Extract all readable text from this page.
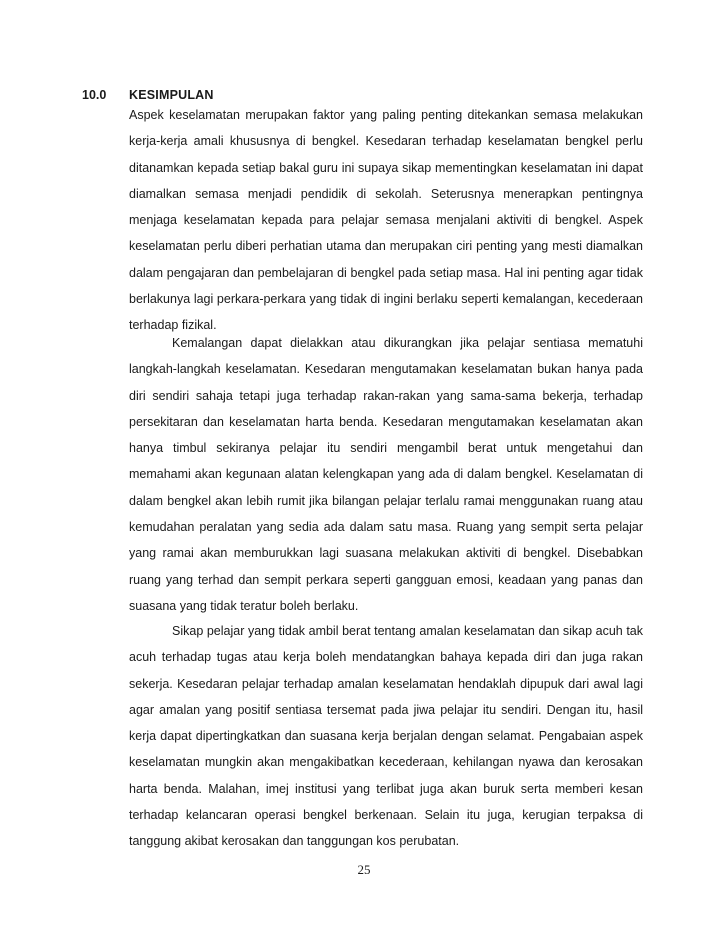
10.0 KESIMPULAN

Aspek keselamatan merupakan faktor yang paling penting ditekankan semasa melakukan kerja-kerja amali khususnya di bengkel. Kesedaran terhadap keselamatan bengkel perlu ditanamkan kepada setiap bakal guru ini supaya sikap mementingkan keselamatan ini dapat diamalkan semasa menjadi pendidik di sekolah. Seterusnya menerapkan pentingnya menjaga keselamatan kepada para pelajar semasa menjalani aktiviti di bengkel. Aspek keselamatan perlu diberi perhatian utama dan merupakan ciri penting yang mesti diamalkan dalam pengajaran dan pembelajaran di bengkel pada setiap masa. Hal ini penting agar tidak berlakunya lagi perkara-perkara yang tidak di ingini berlaku seperti kemalangan, kecederaan terhadap fizikal.

Kemalangan dapat dielakkan atau dikurangkan jika pelajar sentiasa mematuhi langkah-langkah keselamatan. Kesedaran mengutamakan keselamatan bukan hanya pada diri sendiri sahaja tetapi juga terhadap rakan-rakan yang sama-sama bekerja, terhadap persekitaran dan keselamatan harta benda. Kesedaran mengutamakan keselamatan akan hanya timbul sekiranya pelajar itu sendiri mengambil berat untuk mengetahui dan memahami akan kegunaan alatan kelengkapan yang ada di dalam bengkel. Keselamatan di dalam bengkel akan lebih rumit jika bilangan pelajar terlalu ramai menggunakan ruang atau kemudahan peralatan yang sedia ada dalam satu masa. Ruang yang sempit serta pelajar yang ramai akan memburukkan lagi suasana melakukan aktiviti di bengkel. Disebabkan ruang yang terhad dan sempit perkara seperti gangguan emosi, keadaan yang panas dan suasana yang tidak teratur boleh berlaku.

Sikap pelajar yang tidak ambil berat tentang amalan keselamatan dan sikap acuh tak acuh terhadap tugas atau kerja boleh mendatangkan bahaya kepada diri dan juga rakan sekerja. Kesedaran pelajar terhadap amalan keselamatan hendaklah dipupuk dari awal lagi agar amalan yang positif sentiasa tersemat pada jiwa pelajar itu sendiri. Dengan itu, hasil kerja dapat dipertingkatkan dan suasana kerja berjalan dengan selamat. Pengabaian aspek keselamatan mungkin akan mengakibatkan kecederaan, kehilangan nyawa dan kerosakan harta benda. Malahan, imej institusi yang terlibat juga akan buruk serta memberi kesan terhadap kelancaran operasi bengkel berkenaan. Selain itu juga, kerugian terpaksa di tanggung akibat kerosakan dan tanggungan kos perubatan.

25
